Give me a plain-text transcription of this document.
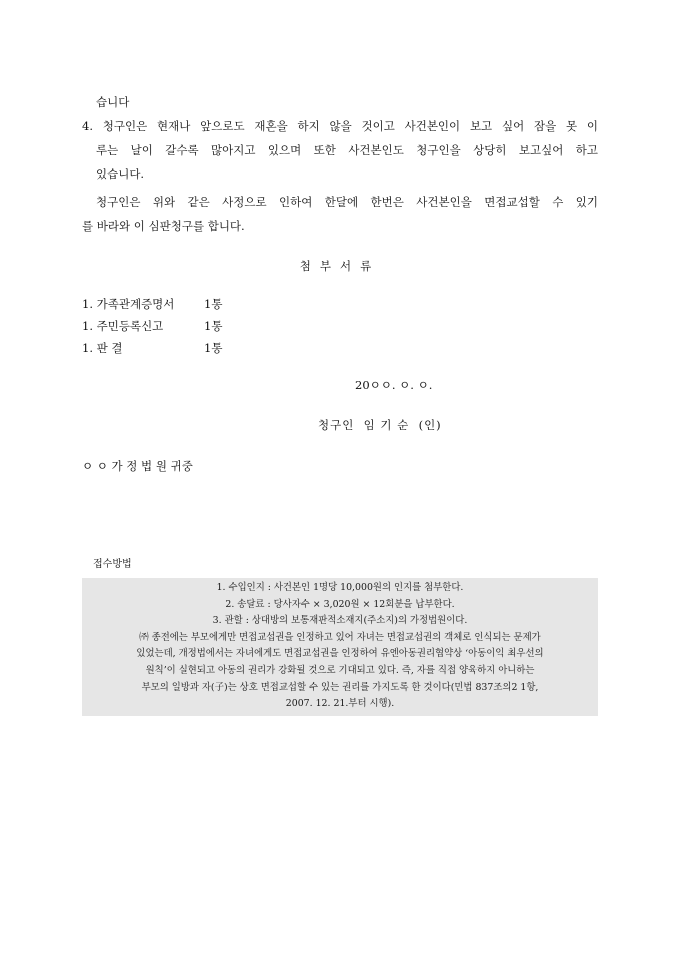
습니다
4. 청구인은 현재나 앞으로도 재혼을 하지 않을 것이고 사건본인이 보고 싶어 잠을 못 이
루는 날이 갈수록 많아지고 있으며 또한 사건본인도 청구인을 상당히 보고싶어 하고
있습니다.
청구인은 위와 같은 사정으로 인하여 한달에 한번은 사건본인을 면접교섭할 수 있기
를 바라와 이 심판청구를 합니다.
첨부서류
1. 가족관계증명서	1통
1. 주민등록신고	1통
1. 판 결	1통
20ㅇㅇ. ㅇ. ㅇ.
청구인  임 기 순  (인)
ㅇ ㅇ 가 정 법 원 귀중
접수방법
1. 수입인지 : 사건본인 1명당 10,000원의 인지를 첨부한다.
2. 송달료 : 당사자수 × 3,020원 × 12회분을 납부한다.
3. 관할 : 상대방의 보통재판적소재지(주소지)의 가정법원이다.
㈜ 종전에는 부모에게만 면접교섭권을 인정하고 있어 자녀는 면접교섭권의 객체로 인식되는 문제가
있었는데, 개정법에서는 자녀에게도 면접교섭권을 인정하여 유엔아동권리협약상 ‘아동이익 최우선의
원칙’이 실현되고 아동의 권리가 강화될 것으로 기대되고 있다. 즉, 자를 직접 양육하지 아니하는
부모의 일방과 자(子)는 상호 면접교섭할 수 있는 권리를 가지도록 한 것이다(민법 837조의2 1항,
2007. 12. 21.부터 시행).
